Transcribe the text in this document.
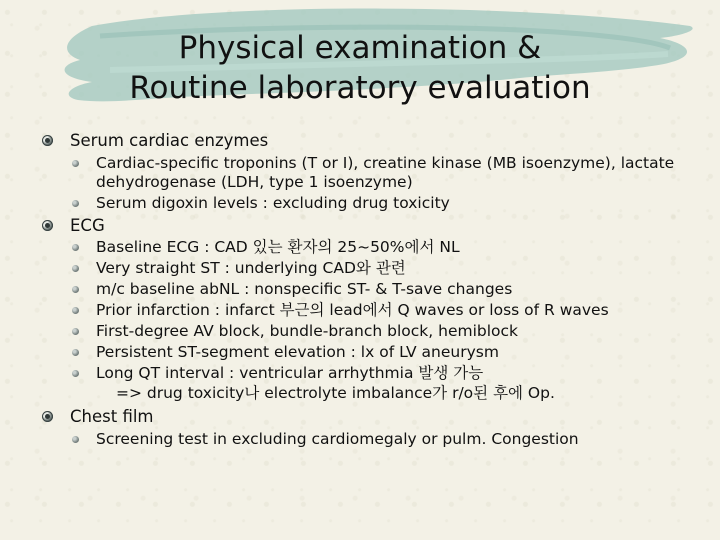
Physical examination &
Routine laboratory evaluation
Serum cardiac enzymes
Cardiac-specific troponins (T or I), creatine kinase (MB isoenzyme), lactate dehydrogenase (LDH, type 1 isoenzyme)
Serum digoxin levels : excluding drug toxicity
ECG
Baseline ECG : CAD 있는 환자의 25~50%에서 NL
Very straight ST : underlying CAD와 관련
m/c baseline abNL : nonspecific ST- & T-save changes
Prior infarction : infarct 부근의 lead에서 Q waves or loss of R waves
First-degree AV block, bundle-branch block, hemiblock
Persistent ST-segment elevation : lx of LV aneurysm
Long QT interval : ventricular arrhythmia 발생 가능
=> drug toxicity나 electrolyte imbalance가 r/o된 후에 Op.
Chest film
Screening test in excluding cardiomegaly or pulm. Congestion
